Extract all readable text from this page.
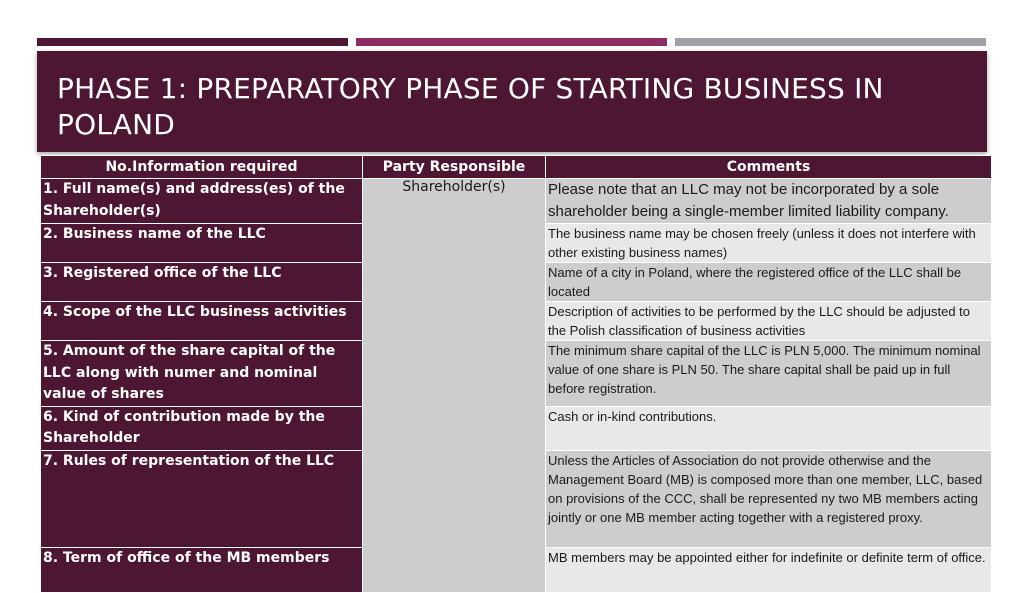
PHASE 1: PREPARATORY PHASE OF STARTING BUSINESS IN POLAND
No.Information required	Party Responsible	Comments
1. Full name(s) and address(es) of the Shareholder(s)	Shareholder(s)	Please note that an LLC may not be incorporated by a sole shareholder being a single-member limited liability company.
2. Business name of the LLC		The business name may be chosen freely (unless it does not interfere with other existing business names)
3. Registered office of the LLC		Name of a city in Poland, where the registered office of the LLC shall be located
4. Scope of the LLC business activities		Description of activities to be performed by the LLC should be adjusted to the Polish classification of business activities
5. Amount of the share capital of the LLC along with numer and nominal value of shares		The minimum share capital of the LLC is PLN 5,000. The minimum nominal value of one share is PLN 50. The share capital shall be paid up in full before registration.
6. Kind of contribution made by the Shareholder		Cash or in-kind contributions.
7. Rules of representation of the LLC		Unless the Articles of Association do not provide otherwise and the Management Board (MB) is composed more than one member, LLC, based on provisions of the CCC, shall be represented ny two MB members acting jointly or one MB member acting together with a registered proxy.
8. Term of office of the MB members		MB members may be appointed either for indefinite or definite term of office.
